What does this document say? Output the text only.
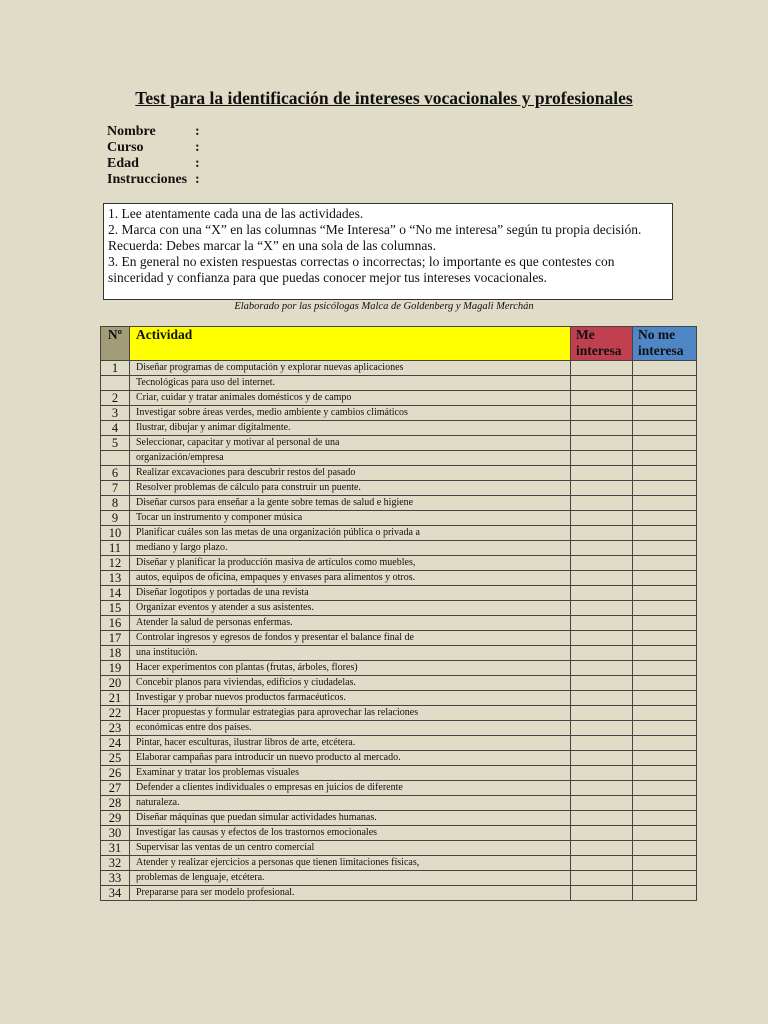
Test para la identificación de intereses vocacionales y profesionales
Nombre	:
Curso	:
Edad	:
Instrucciones :

1. Lee atentamente cada una de las actividades.

2. Marca con una “X” en las columnas “Me Interesa” o “No me interesa” según tu propia decisión.

Recuerda: Debes marcar la “X” en una sola de las columnas.

3. En general no existen respuestas correctas o incorrectas; lo importante es que contestes con

sinceridad y confianza para que puedas conocer mejor tus intereses vocacionales.

Elaborado por las psicólogas Malca de Goldenberg y Magali Merchán
Nº	Actividad	Me interesa	No me interesa
1	Diseñar programas de computación y explorar nuevas aplicaciones		
	Tecnológicas para uso del internet.		
2	Criar, cuidar y tratar animales domésticos y de campo		
3	Investigar sobre áreas verdes, medio ambiente y cambios climáticos		
4	Ilustrar, dibujar y animar digitalmente.		
5	Seleccionar, capacitar y motivar al personal de una		
	organización/empresa		
6	Realizar excavaciones para descubrir restos del pasado		
7	Resolver problemas de cálculo para construir un puente.		
8	Diseñar cursos para enseñar a la gente sobre temas de salud e higiene		
9	Tocar un instrumento y componer música		
10	Planificar cuáles son las metas de una organización pública o privada a		
11	mediano y largo plazo.		
12	Diseñar y planificar la producción masiva de artículos como muebles,		
13	autos, equipos de oficina, empaques y envases para alimentos y otros.		
14	Diseñar logotipos y portadas de una revista		
15	Organizar eventos y atender a sus asistentes.		
16	Atender la salud de personas enfermas.		
17	Controlar ingresos y egresos de fondos y presentar el balance final de		
18	una institución.		
19	Hacer experimentos con plantas (frutas, árboles, flores)		
20	Concebir planos para viviendas, edificios y ciudadelas.		
21	Investigar y probar nuevos productos farmacéuticos.		
22	Hacer propuestas y formular estrategias para aprovechar las relaciones		
23	económicas entre dos países.		
24	Pintar, hacer esculturas, ilustrar libros de arte, etcétera.		
25	Elaborar campañas para introducir un nuevo producto al mercado.		
26	Examinar y tratar los problemas visuales		
27	Defender a clientes individuales o empresas en juicios de diferente		
28	naturaleza.		
29	Diseñar máquinas que puedan simular actividades humanas.		
30	Investigar las causas y efectos de los trastornos emocionales		
31	Supervisar las ventas de un centro comercial		
32	Atender y realizar ejercicios a personas que tienen limitaciones físicas,		
33	problemas de lenguaje, etcétera.		
34	Prepararse para ser modelo profesional.		
